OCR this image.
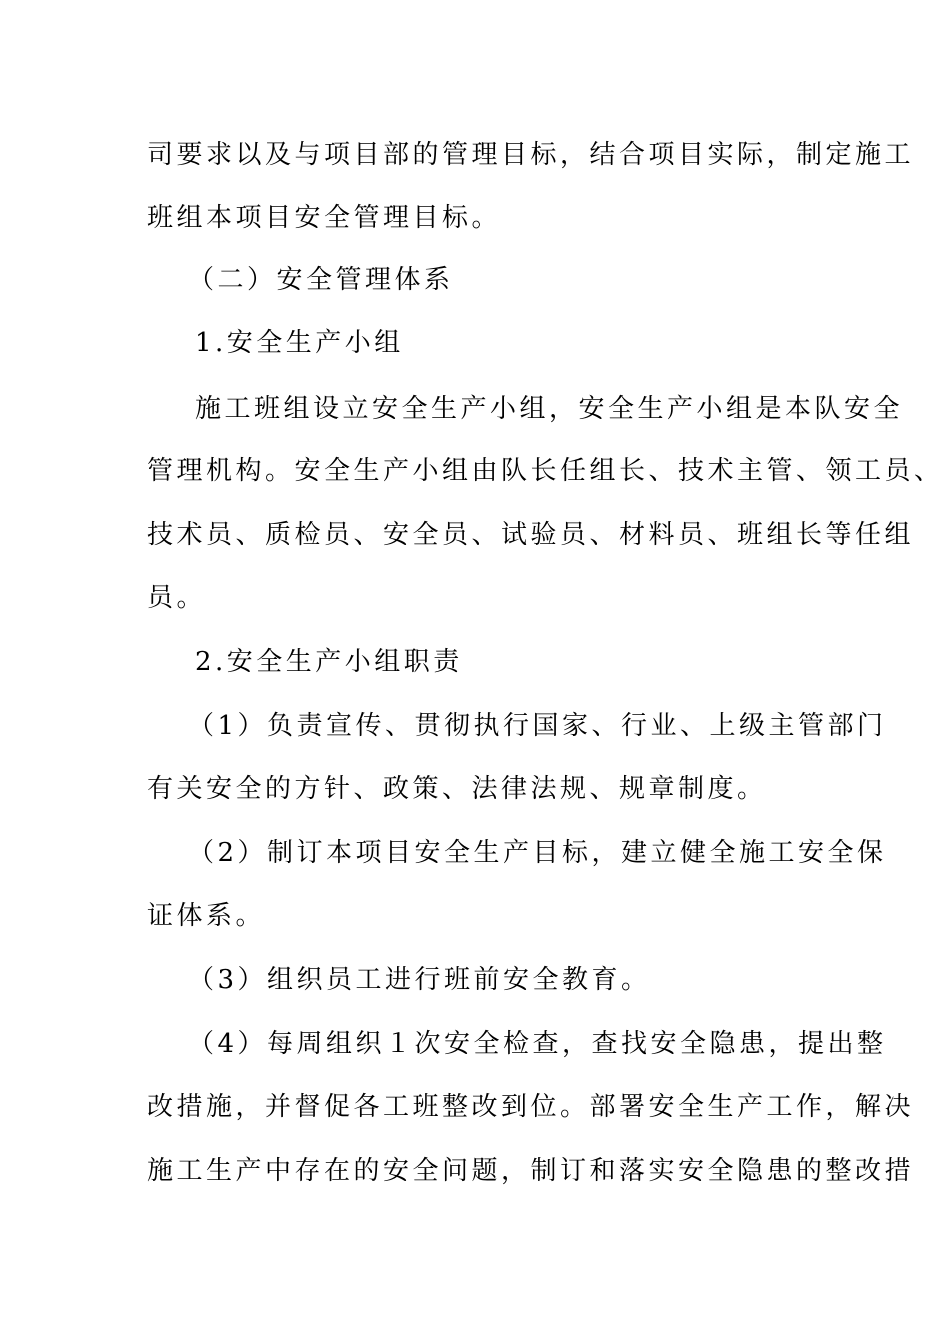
司要求以及与项目部的管理目标，结合项目实际，制定施工
班组本项目安全管理目标。
（二）安全管理体系
1.安全生产小组
施工班组设立安全生产小组，安全生产小组是本队安全
管理机构。安全生产小组由队长任组长、技术主管、领工员、
技术员、质检员、安全员、试验员、材料员、班组长等任组
员。
2.安全生产小组职责
（1）负责宣传、贯彻执行国家、行业、上级主管部门
有关安全的方针、政策、法律法规、规章制度。
（2）制订本项目安全生产目标，建立健全施工安全保
证体系。
（3）组织员工进行班前安全教育。
（4）每周组织１次安全检查，查找安全隐患，提出整
改措施，并督促各工班整改到位。部署安全生产工作，解决
施工生产中存在的安全问题，制订和落实安全隐患的整改措
